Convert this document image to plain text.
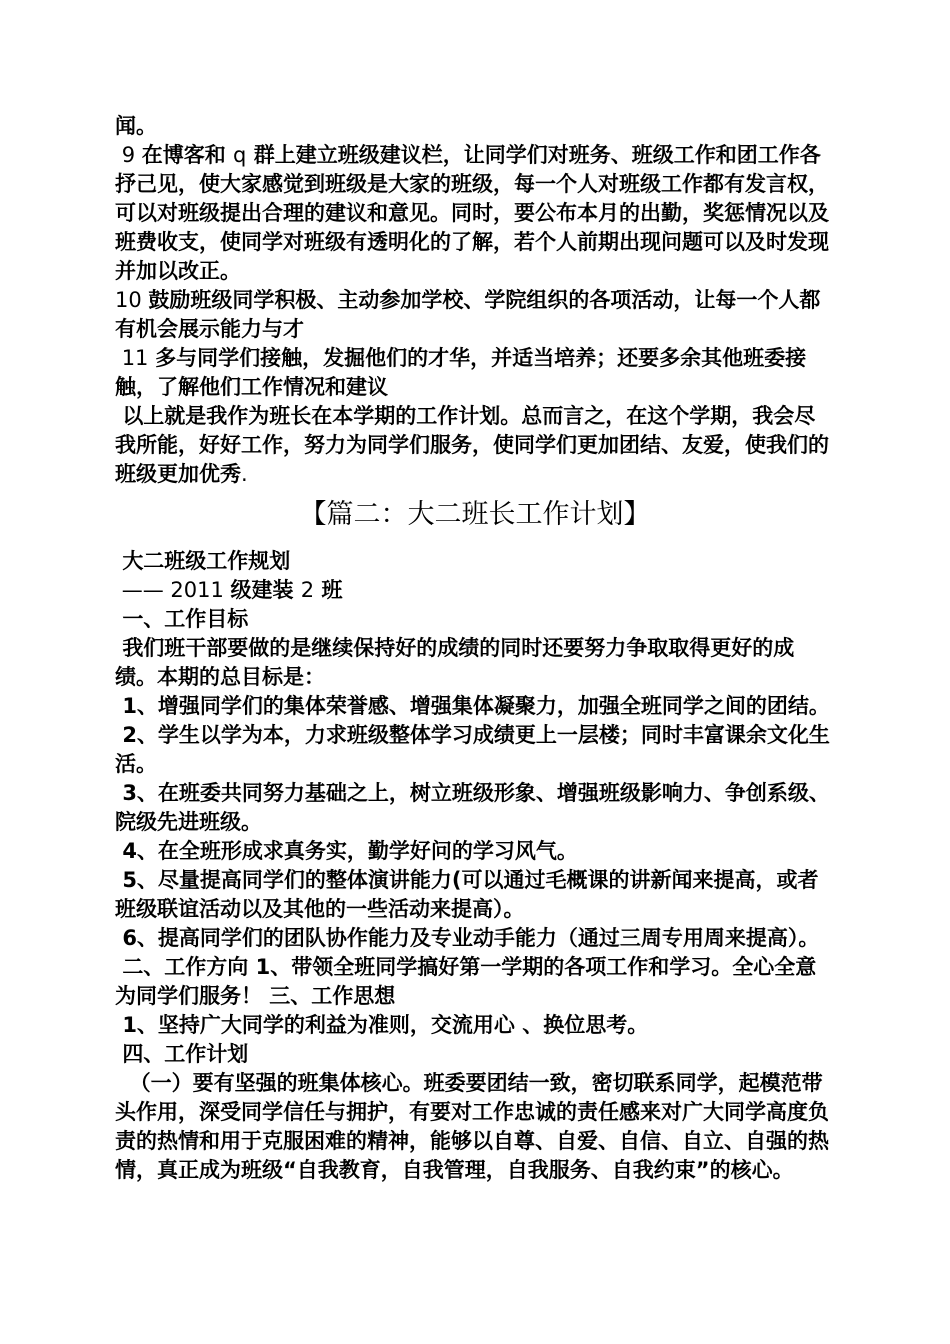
闻。

9 在博客和 q 群上建立班级建议栏，让同学们对班务、班级工作和团工作各抒己见，使大家感觉到班级是大家的班级，每一个人对班级工作都有发言权，可以对班级提出合理的建议和意见。同时，要公布本月的出勤，奖惩情况以及班费收支，使同学对班级有透明化的了解，若个人前期出现问题可以及时发现并加以改正。

10 鼓励班级同学积极、主动参加学校、学院组织的各项活动，让每一个人都有机会展示能力与才

11 多与同学们接触，发掘他们的才华，并适当培养；还要多余其他班委接触，了解他们工作情况和建议

以上就是我作为班长在本学期的工作计划。总而言之，在这个学期，我会尽我所能，好好工作，努力为同学们服务，使同学们更加团结、友爱，使我们的班级更加优秀.

【篇二：大二班长工作计划】

大二班级工作规划

—— 2011 级建装 2 班

一、工作目标

我们班干部要做的是继续保持好的成绩的同时还要努力争取取得更好的成绩。本期的总目标是：

1、增强同学们的集体荣誉感、增强集体凝聚力，加强全班同学之间的团结。

2、学生以学为本，力求班级整体学习成绩更上一层楼；同时丰富课余文化生活。

3、在班委共同努力基础之上，树立班级形象、增强班级影响力、争创系级、院级先进班级。

4、在全班形成求真务实，勤学好问的学习风气。

5、尽量提高同学们的整体演讲能力(可以通过毛概课的讲新闻来提高，或者班级联谊活动以及其他的一些活动来提高）。

6、提高同学们的团队协作能力及专业动手能力（通过三周专用周来提高）。

二、工作方向 1、带领全班同学搞好第一学期的各项工作和学习。全心全意为同学们服务！ 三、工作思想

1、坚持广大同学的利益为准则，交流用心 、换位思考。

四、工作计划

（一）要有坚强的班集体核心。班委要团结一致，密切联系同学，起模范带头作用，深受同学信任与拥护，有要对工作忠诚的责任感来对广大同学高度负责的热情和用于克服困难的精神，能够以自尊、自爱、自信、自立、自强的热情，真正成为班级“自我教育，自我管理，自我服务、自我约束”的核心。
